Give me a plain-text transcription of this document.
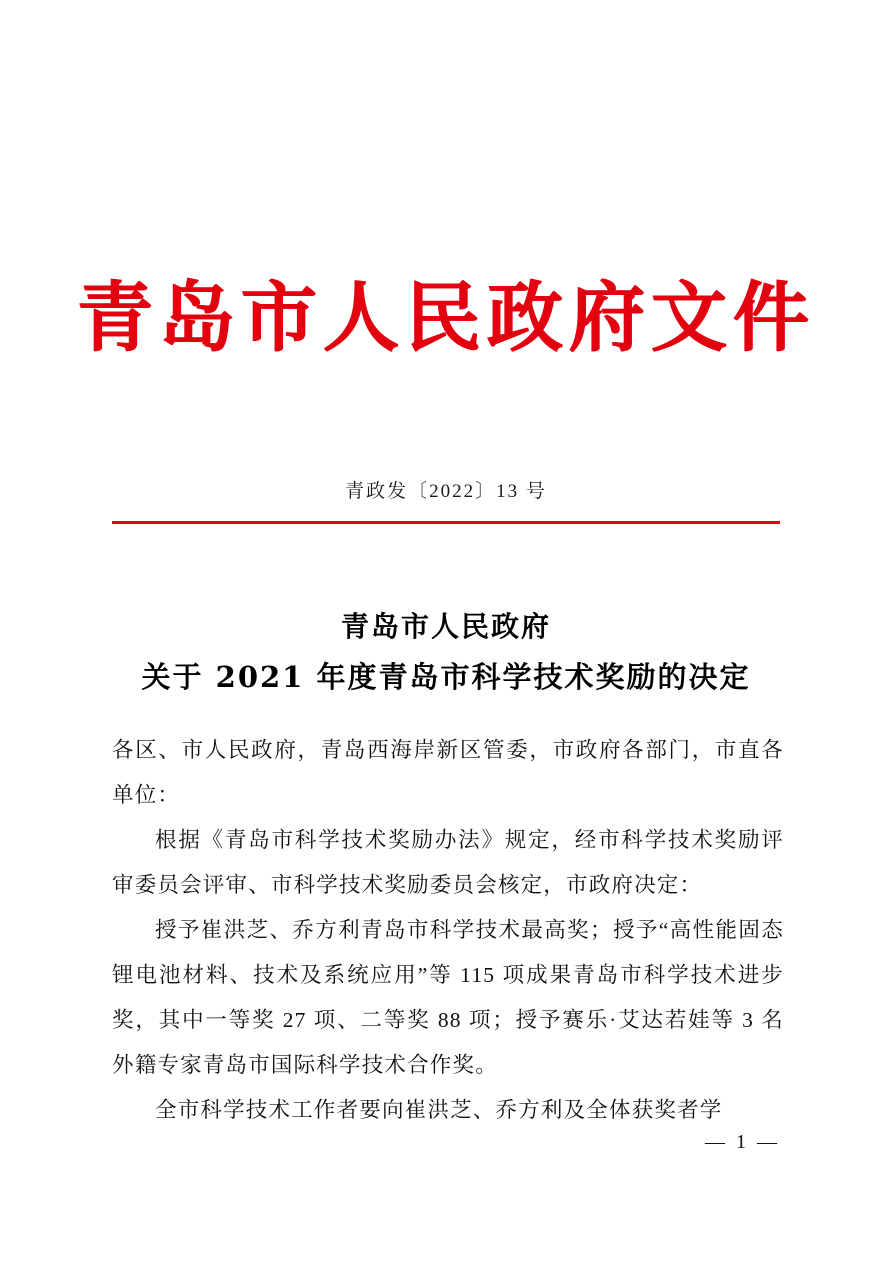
青岛市人民政府文件
青政发〔2022〕13 号
青岛市人民政府
关于 2021 年度青岛市科学技术奖励的决定

各区、市人民政府，青岛西海岸新区管委，市政府各部门，市直各单位：

根据《青岛市科学技术奖励办法》规定，经市科学技术奖励评审委员会评审、市科学技术奖励委员会核定，市政府决定：

授予崔洪芝、乔方利青岛市科学技术最高奖；授予“高性能固态锂电池材料、技术及系统应用”等 115 项成果青岛市科学技术进步奖，其中一等奖 27 项、二等奖 88 项；授予赛乐·艾达若娃等 3 名外籍专家青岛市国际科学技术合作奖。

全市科学技术工作者要向崔洪芝、乔方利及全体获奖者学

— 1 —
